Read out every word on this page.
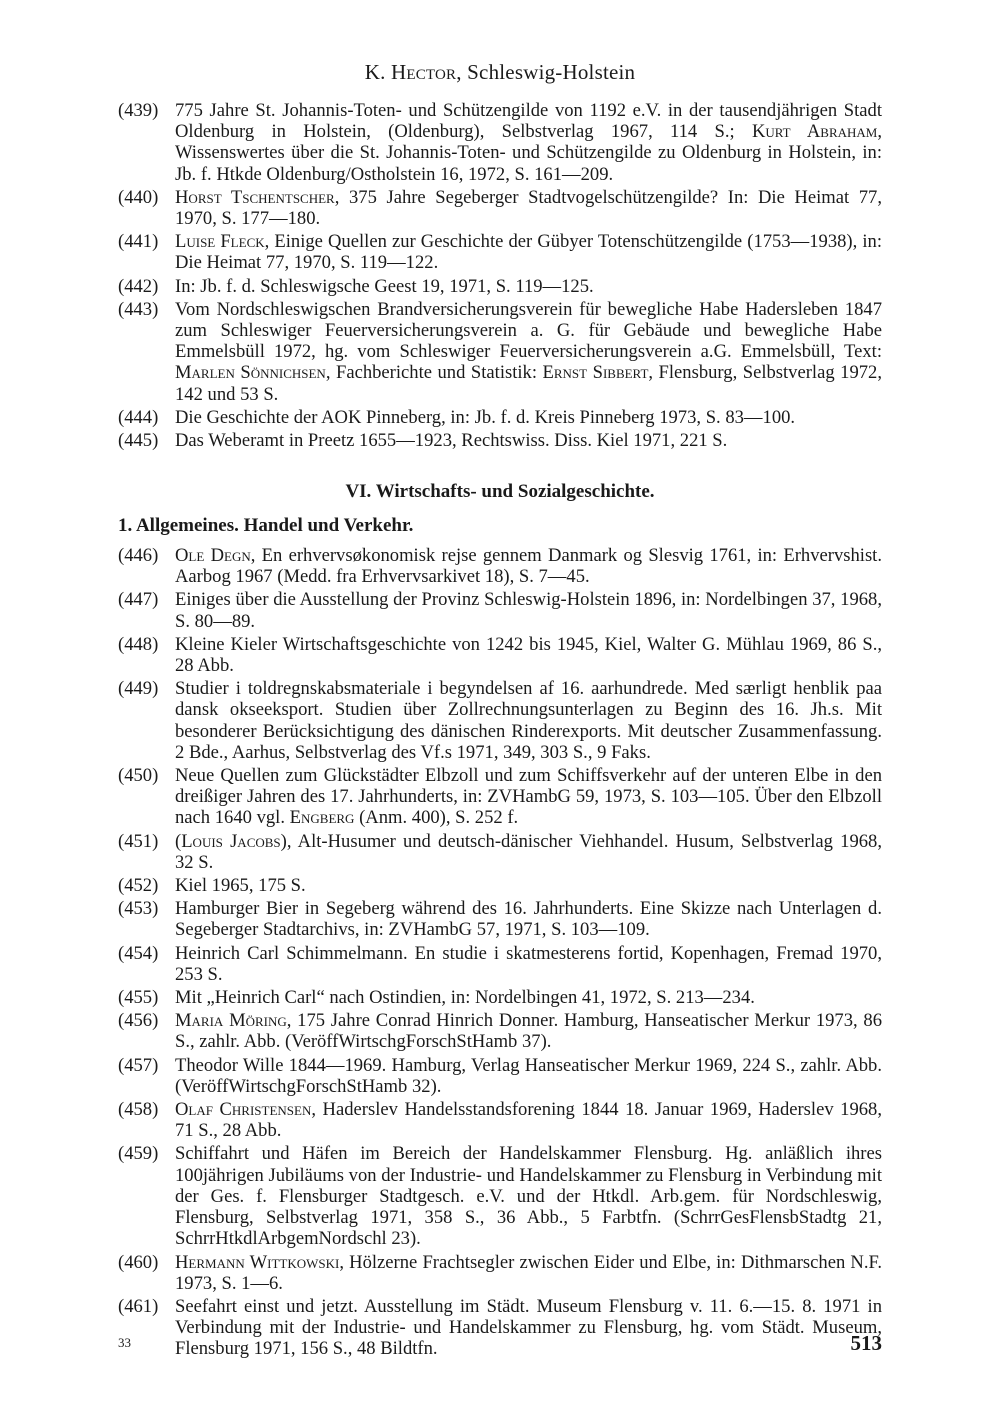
K. Hector, Schleswig-Holstein
(439) 775 Jahre St. Johannis-Toten- und Schützengilde von 1192 e.V. in der tausendjährigen Stadt Oldenburg in Holstein, (Oldenburg), Selbstverlag 1967, 114 S.; Kurt Abraham, Wissenswertes über die St. Johannis-Toten- und Schützengilde zu Oldenburg in Holstein, in: Jb. f. Htkde Oldenburg/Ostholstein 16, 1972, S. 161—209.
(440) Horst Tschentscher, 375 Jahre Segeberger Stadtvogelschützengilde? In: Die Heimat 77, 1970, S. 177—180.
(441) Luise Fleck, Einige Quellen zur Geschichte der Gübyer Totenschützengilde (1753—1938), in: Die Heimat 77, 1970, S. 119—122.
(442) In: Jb. f. d. Schleswigsche Geest 19, 1971, S. 119—125.
(443) Vom Nordschleswigschen Brandversicherungsverein für bewegliche Habe Hadersleben 1847 zum Schleswiger Feuerversicherungsverein a. G. für Gebäude und bewegliche Habe Emmelsbüll 1972, hg. vom Schleswiger Feuerversicherungsverein a.G. Emmelsbüll, Text: Marlen Sönnichsen, Fachberichte und Statistik: Ernst Sibbert, Flensburg, Selbstverlag 1972, 142 und 53 S.
(444) Die Geschichte der AOK Pinneberg, in: Jb. f. d. Kreis Pinneberg 1973, S. 83—100.
(445) Das Weberamt in Preetz 1655—1923, Rechtswiss. Diss. Kiel 1971, 221 S.
VI. Wirtschafts- und Sozialgeschichte.
1. Allgemeines. Handel und Verkehr.
(446) Ole Degn, En erhvervsøkonomisk rejse gennem Danmark og Slesvig 1761, in: Erhvervshist. Aarbog 1967 (Medd. fra Erhvervsarkivet 18), S. 7—45.
(447) Einiges über die Ausstellung der Provinz Schleswig-Holstein 1896, in: Nordelbingen 37, 1968, S. 80—89.
(448) Kleine Kieler Wirtschaftsgeschichte von 1242 bis 1945, Kiel, Walter G. Mühlau 1969, 86 S., 28 Abb.
(449) Studier i toldregnskabsmateriale i begyndelsen af 16. aarhundrede. Med særligt henblik paa dansk okseeksport. Studien über Zollrechnungsunterlagen zu Beginn des 16. Jh.s. Mit besonderer Berücksichtigung des dänischen Rinderexports. Mit deutscher Zusammenfassung. 2 Bde., Aarhus, Selbstverlag des Vf.s 1971, 349, 303 S., 9 Faks.
(450) Neue Quellen zum Glückstädter Elbzoll und zum Schiffsverkehr auf der unteren Elbe in den dreißiger Jahren des 17. Jahrhunderts, in: ZVHambG 59, 1973, S. 103—105. Über den Elbzoll nach 1640 vgl. Engberg (Anm. 400), S. 252 f.
(451) (Louis Jacobs), Alt-Husumer und deutsch-dänischer Viehhandel. Husum, Selbstverlag 1968, 32 S.
(452) Kiel 1965, 175 S.
(453) Hamburger Bier in Segeberg während des 16. Jahrhunderts. Eine Skizze nach Unterlagen d. Segeberger Stadtarchivs, in: ZVHambG 57, 1971, S. 103—109.
(454) Heinrich Carl Schimmelmann. En studie i skatmesterens fortid, Kopenhagen, Fremad 1970, 253 S.
(455) Mit „Heinrich Carl“ nach Ostindien, in: Nordelbingen 41, 1972, S. 213—234.
(456) Maria Möring, 175 Jahre Conrad Hinrich Donner. Hamburg, Hanseatischer Merkur 1973, 86 S., zahlr. Abb. (VeröffWirtschgForschStHamb 37).
(457) Theodor Wille 1844—1969. Hamburg, Verlag Hanseatischer Merkur 1969, 224 S., zahlr. Abb. (VeröffWirtschgForschStHamb 32).
(458) Olaf Christensen, Haderslev Handelsstandsforening 1844 18. Januar 1969, Haderslev 1968, 71 S., 28 Abb.
(459) Schiffahrt und Häfen im Bereich der Handelskammer Flensburg. Hg. anläßlich ihres 100jährigen Jubiläums von der Industrie- und Handelskammer zu Flensburg in Verbindung mit der Ges. f. Flensburger Stadtgesch. e.V. und der Htkdl. Arb.gem. für Nordschleswig, Flensburg, Selbstverlag 1971, 358 S., 36 Abb., 5 Farbtfn. (SchrrGesFlensbStadtg 21, SchrrHtkdlArbgemNordschl 23).
(460) Hermann Wittkowski, Hölzerne Frachtsegler zwischen Eider und Elbe, in: Dithmarschen N.F. 1973, S. 1—6.
(461) Seefahrt einst und jetzt. Ausstellung im Städt. Museum Flensburg v. 11. 6.—15. 8. 1971 in Verbindung mit der Industrie- und Handelskammer zu Flensburg, hg. vom Städt. Museum, Flensburg 1971, 156 S., 48 Bildtfn.
33	513
